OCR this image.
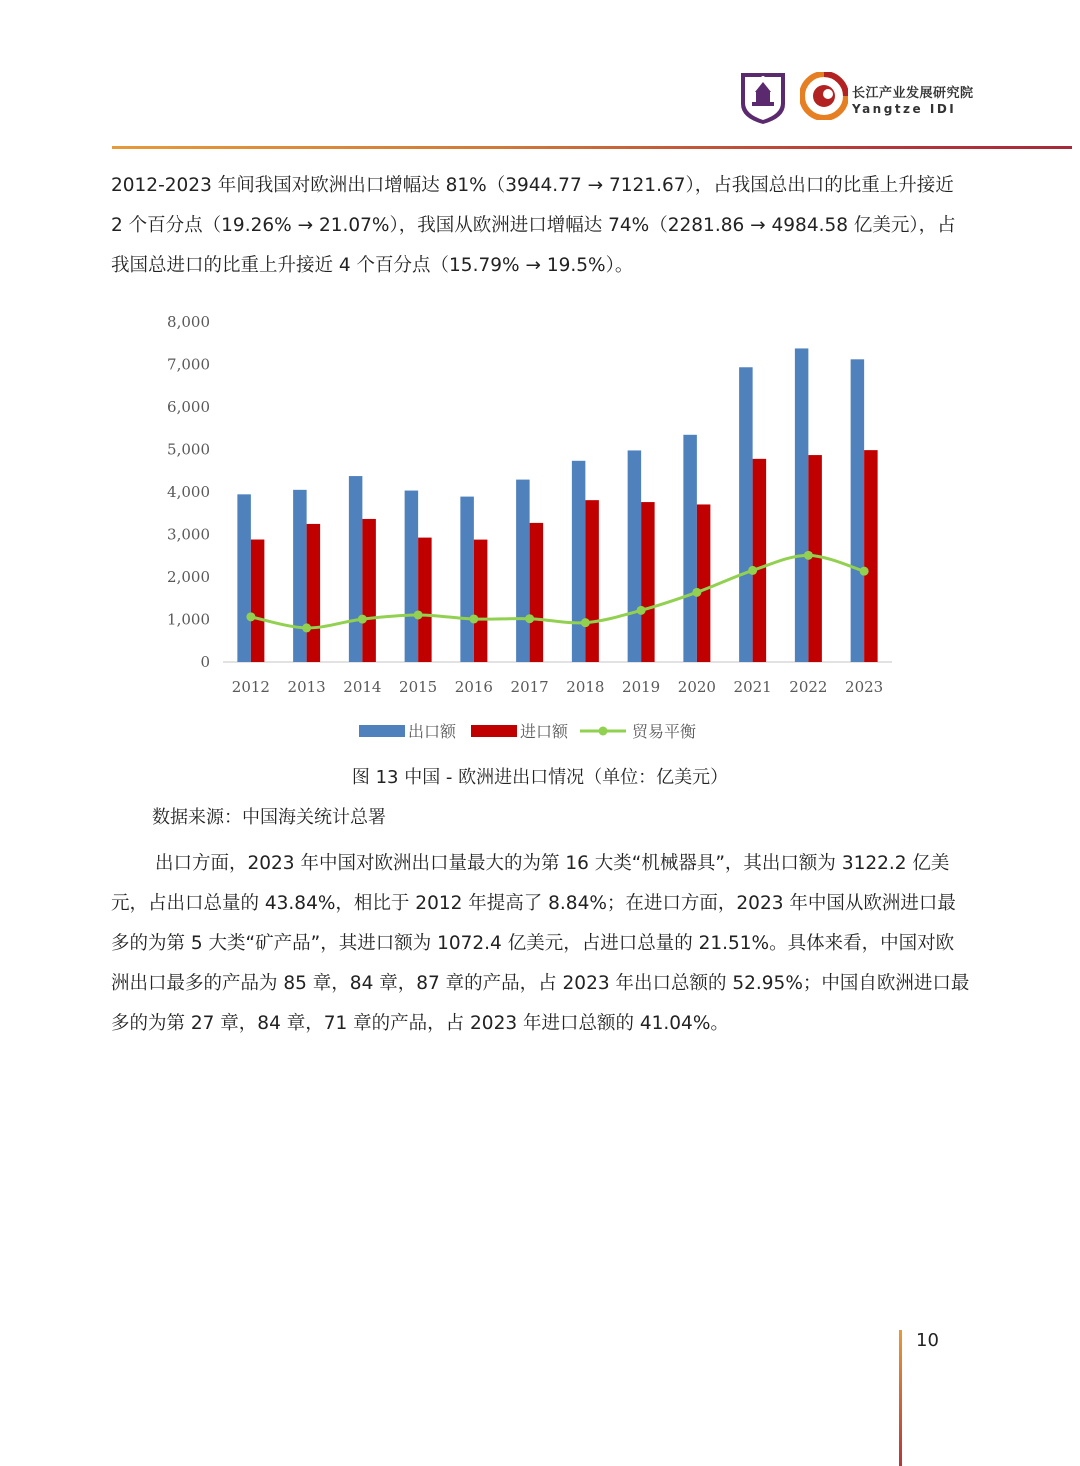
长江产业发展研究院
Yangtze IDI

2012-2023 年间我国对欧洲出口增幅达 81%（3944.77 → 7121.67），占我国总出口的比重上升接近 2 个百分点（19.26% → 21.07%），我国从欧洲进口增幅达 74%（2281.86 → 4984.58 亿美元），占我国总进口的比重上升接近 4 个百分点（15.79% → 19.5%）。

0
1,000
2,000
3,000
4,000
5,000
6,000
7,000
8,000
2012 2013 2014 2015 2016 2017 2018 2019 2020 2021 2022 2023
出口额	进口额	贸易平衡
图 13 中国 - 欧洲进出口情况（单位：亿美元）
数据来源：中国海关统计总署

出口方面，2023 年中国对欧洲出口量最大的为第 16 大类“机械器具”，其出口额为 3122.2 亿美元，占出口总量的 43.84%，相比于 2012 年提高了 8.84%；在进口方面，2023 年中国从欧洲进口最多的为第 5 大类“矿产品”，其进口额为 1072.4 亿美元，占进口总量的 21.51%。具体来看，中国对欧洲出口最多的产品为 85 章，84 章，87 章的产品，占 2023 年出口总额的 52.95%；中国自欧洲进口最多的为第 27 章，84 章，71 章的产品，占 2023 年进口总额的 41.04%。

10
